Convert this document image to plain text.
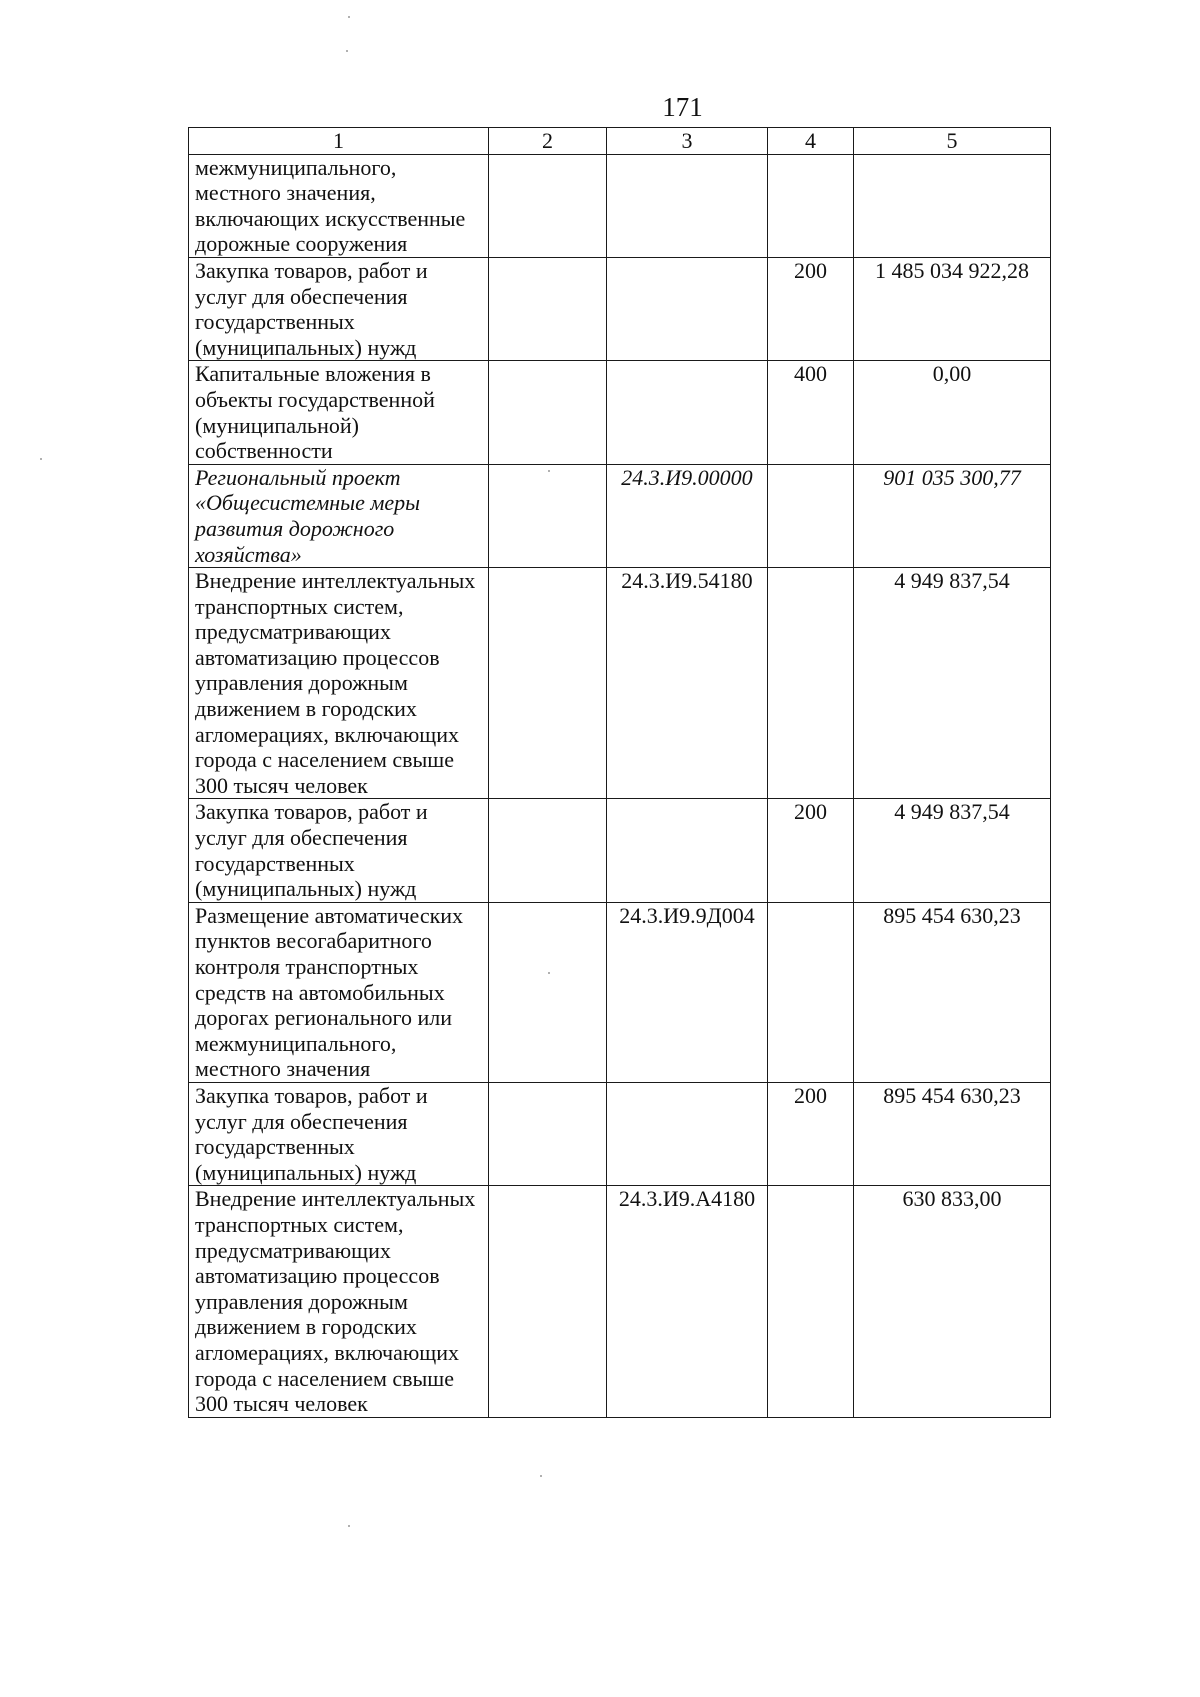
171
1	2	3	4	5
межмуниципального, местного значения, включающих искусственные дорожные сооружения				
Закупка товаров, работ и услуг для обеспечения государственных (муниципальных) нужд			200	1 485 034 922,28
Капитальные вложения в объекты государственной (муниципальной) собственности			400	0,00
Региональный проект «Общесистемные меры развития дорожного хозяйства»		24.3.И9.00000		901 035 300,77
Внедрение интеллектуальных транспортных систем, предусматривающих автоматизацию процессов управления дорожным движением в городских агломерациях, включающих города с населением свыше 300 тысяч человек		24.3.И9.54180		4 949 837,54
Закупка товаров, работ и услуг для обеспечения государственных (муниципальных) нужд			200	4 949 837,54
Размещение автоматических пунктов весогабаритного контроля транспортных средств на автомобильных дорогах регионального или межмуниципального, местного значения		24.3.И9.9Д004		895 454 630,23
Закупка товаров, работ и услуг для обеспечения государственных (муниципальных) нужд			200	895 454 630,23
Внедрение интеллектуальных транспортных систем, предусматривающих автоматизацию процессов управления дорожным движением в городских агломерациях, включающих города с населением свыше 300 тысяч человек		24.3.И9.А4180		630 833,00
